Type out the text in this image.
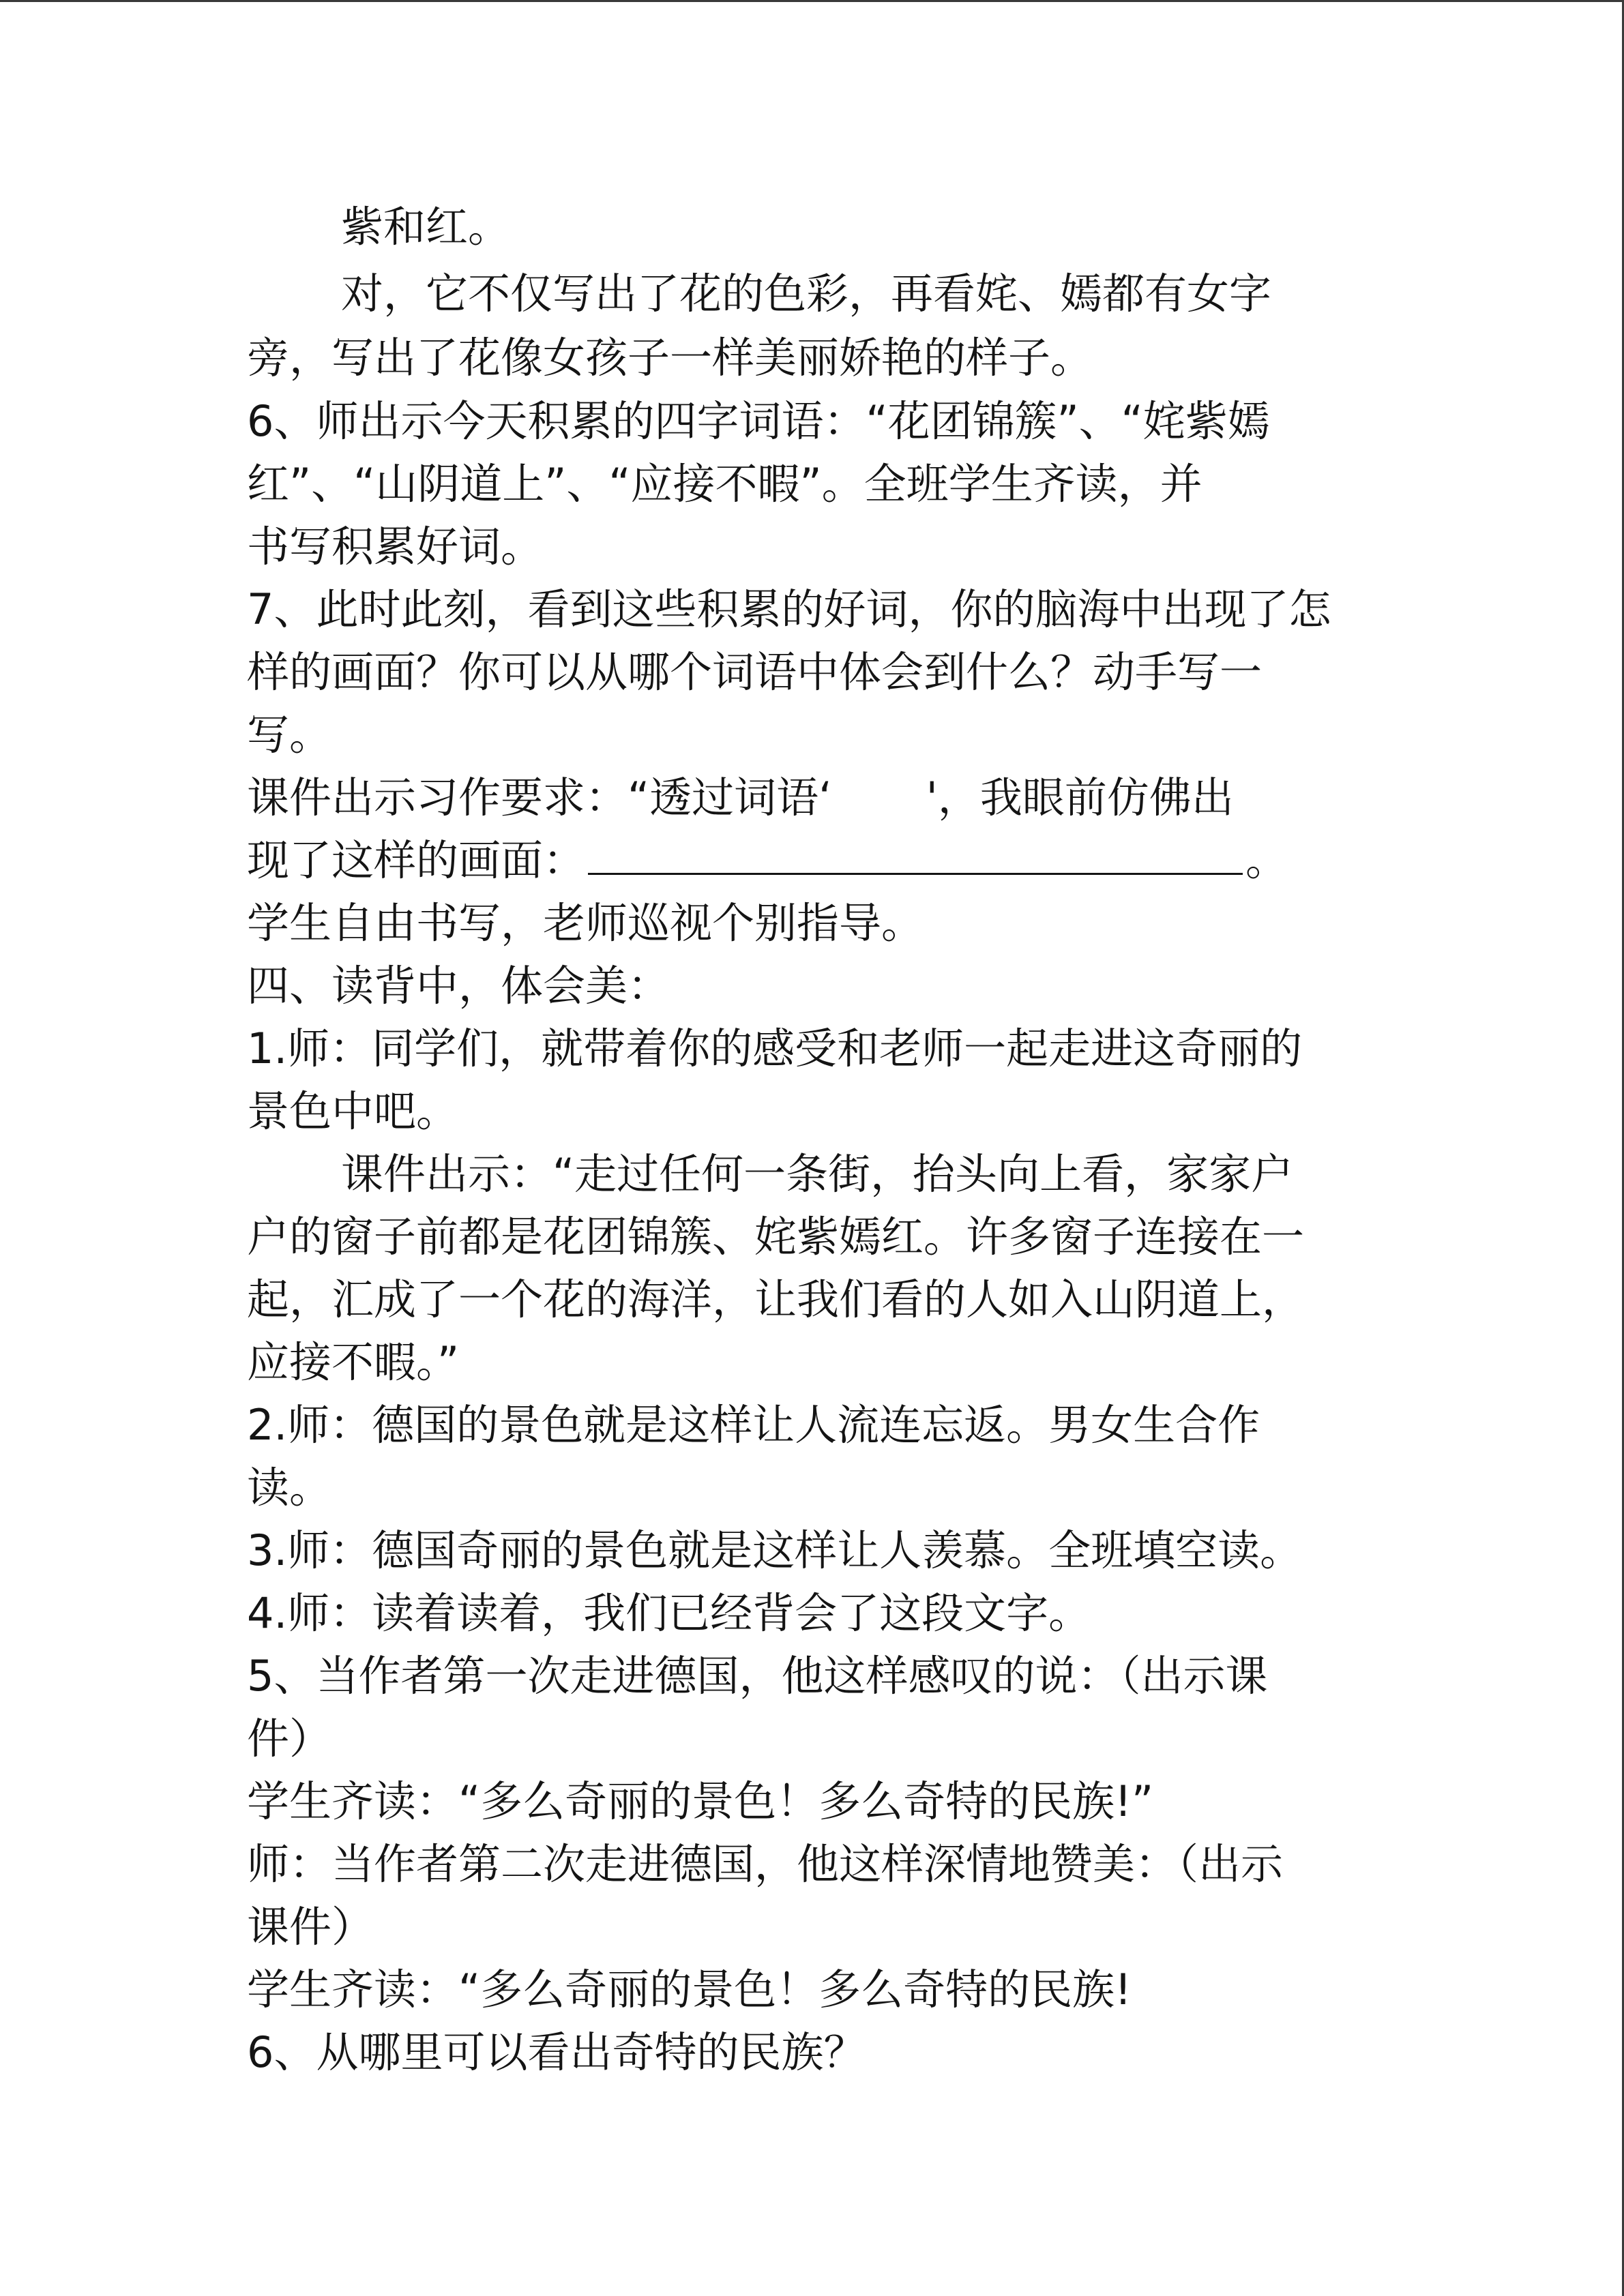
紫和红。
对，它不仅写出了花的色彩，再看姹、嫣都有女字
旁，写出了花像女孩子一样美丽娇艳的样子。
6、师出示今天积累的四字词语：“花团锦簇”、“姹紫嫣
红”、“山阴道上”、“应接不暇”。全班学生齐读，并
书写积累好词。
7、此时此刻，看到这些积累的好词，你的脑海中出现了怎
样的画面？你可以从哪个词语中体会到什么？动手写一
写。
课件出示习作要求：“透过词语‘       '，我眼前仿佛出
现了这样的画面：	。
学生自由书写，老师巡视个别指导。
四、读背中，体会美：
1.师：同学们，就带着你的感受和老师一起走进这奇丽的
景色中吧。
课件出示：“走过任何一条街，抬头向上看，家家户
户的窗子前都是花团锦簇、姹紫嫣红。许多窗子连接在一
起，汇成了一个花的海洋，让我们看的人如入山阴道上，
应接不暇。”
2.师：德国的景色就是这样让人流连忘返。男女生合作
读。
3.师：德国奇丽的景色就是这样让人羡慕。全班填空读。
4.师：读着读着，我们已经背会了这段文字。
5、当作者第一次走进德国，他这样感叹的说：（出示课
件）
学生齐读：“多么奇丽的景色！多么奇特的民族!”
师：当作者第二次走进德国，他这样深情地赞美：（出示
课件）
学生齐读：“多么奇丽的景色！多么奇特的民族!
6、从哪里可以看出奇特的民族？
